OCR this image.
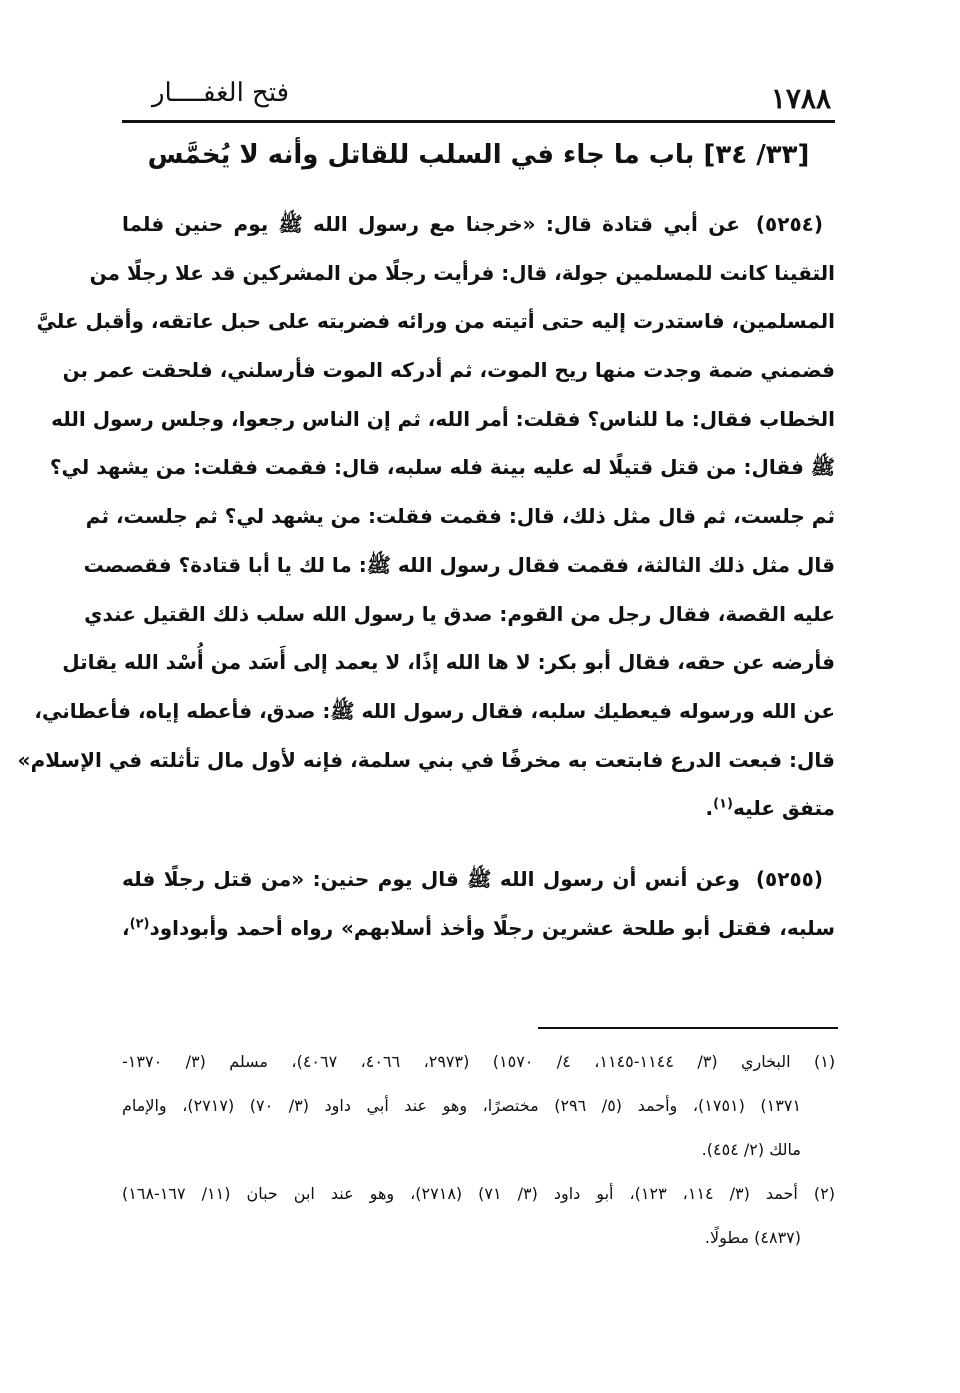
١٧٨٨
فتح الغفــــار
[٣٣/ ٣٤] باب ما جاء في السلب للقاتل وأنه لا يُخمَّس
(٥٢٥٤)عن أبي قتادة قال: «خرجنا مع رسول الله ﷺ يوم حنين فلما
التقينا كانت للمسلمين جولة، قال: فرأيت رجلًا من المشركين قد علا رجلًا من
المسلمين، فاستدرت إليه حتى أتيته من ورائه فضربته على حبل عاتقه، وأقبل عليَّ
فضمني ضمة وجدت منها ريح الموت، ثم أدركه الموت فأرسلني، فلحقت عمر بن
الخطاب فقال: ما للناس؟ فقلت: أمر الله، ثم إن الناس رجعوا، وجلس رسول الله
ﷺ فقال: من قتل قتيلًا له عليه بينة فله سلبه، قال: فقمت فقلت: من يشهد لي؟
ثم جلست، ثم قال مثل ذلك، قال: فقمت فقلت: من يشهد لي؟ ثم جلست، ثم
قال مثل ذلك الثالثة، فقمت فقال رسول الله ﷺ: ما لك يا أبا قتادة؟ فقصصت
عليه القصة، فقال رجل من القوم: صدق يا رسول الله سلب ذلك القتيل عندي
فأرضه عن حقه، فقال أبو بكر: لا ها الله إذًا، لا يعمد إلى أَسَد من أُسْد الله يقاتل
عن الله ورسوله فيعطيك سلبه، فقال رسول الله ﷺ: صدق، فأعطه إياه، فأعطاني،
قال: فبعت الدرع فابتعت به مخرفًا في بني سلمة، فإنه لأول مال تأثلته في الإسلام»
متفق عليه$^{(١)}$.
(٥٢٥٥)وعن أنس أن رسول الله ﷺ قال يوم حنين: «من قتل رجلًا فله
سلبه، فقتل أبو طلحة عشرين رجلًا وأخذ أسلابهم» رواه أحمد وأبوداود$^{(٢)}$،
(١) البخاري (٣/ ١١٤٤-١١٤٥، ٤/ ١٥٧٠) (٢٩٧٣، ٤٠٦٦، ٤٠٦٧)، مسلم (٣/ ١٣٧٠-
١٣٧١) (١٧٥١)، وأحمد (٥/ ٢٩٦) مختصرًا، وهو عند أبي داود (٣/ ٧٠) (٢٧١٧)، والإمام
مالك (٢/ ٤٥٤).
(٢) أحمد (٣/ ١١٤، ١٢٣)، أبو داود (٣/ ٧١) (٢٧١٨)، وهو عند ابن حبان (١١/ ١٦٧-١٦٨)
(٤٨٣٧) مطولًا.
